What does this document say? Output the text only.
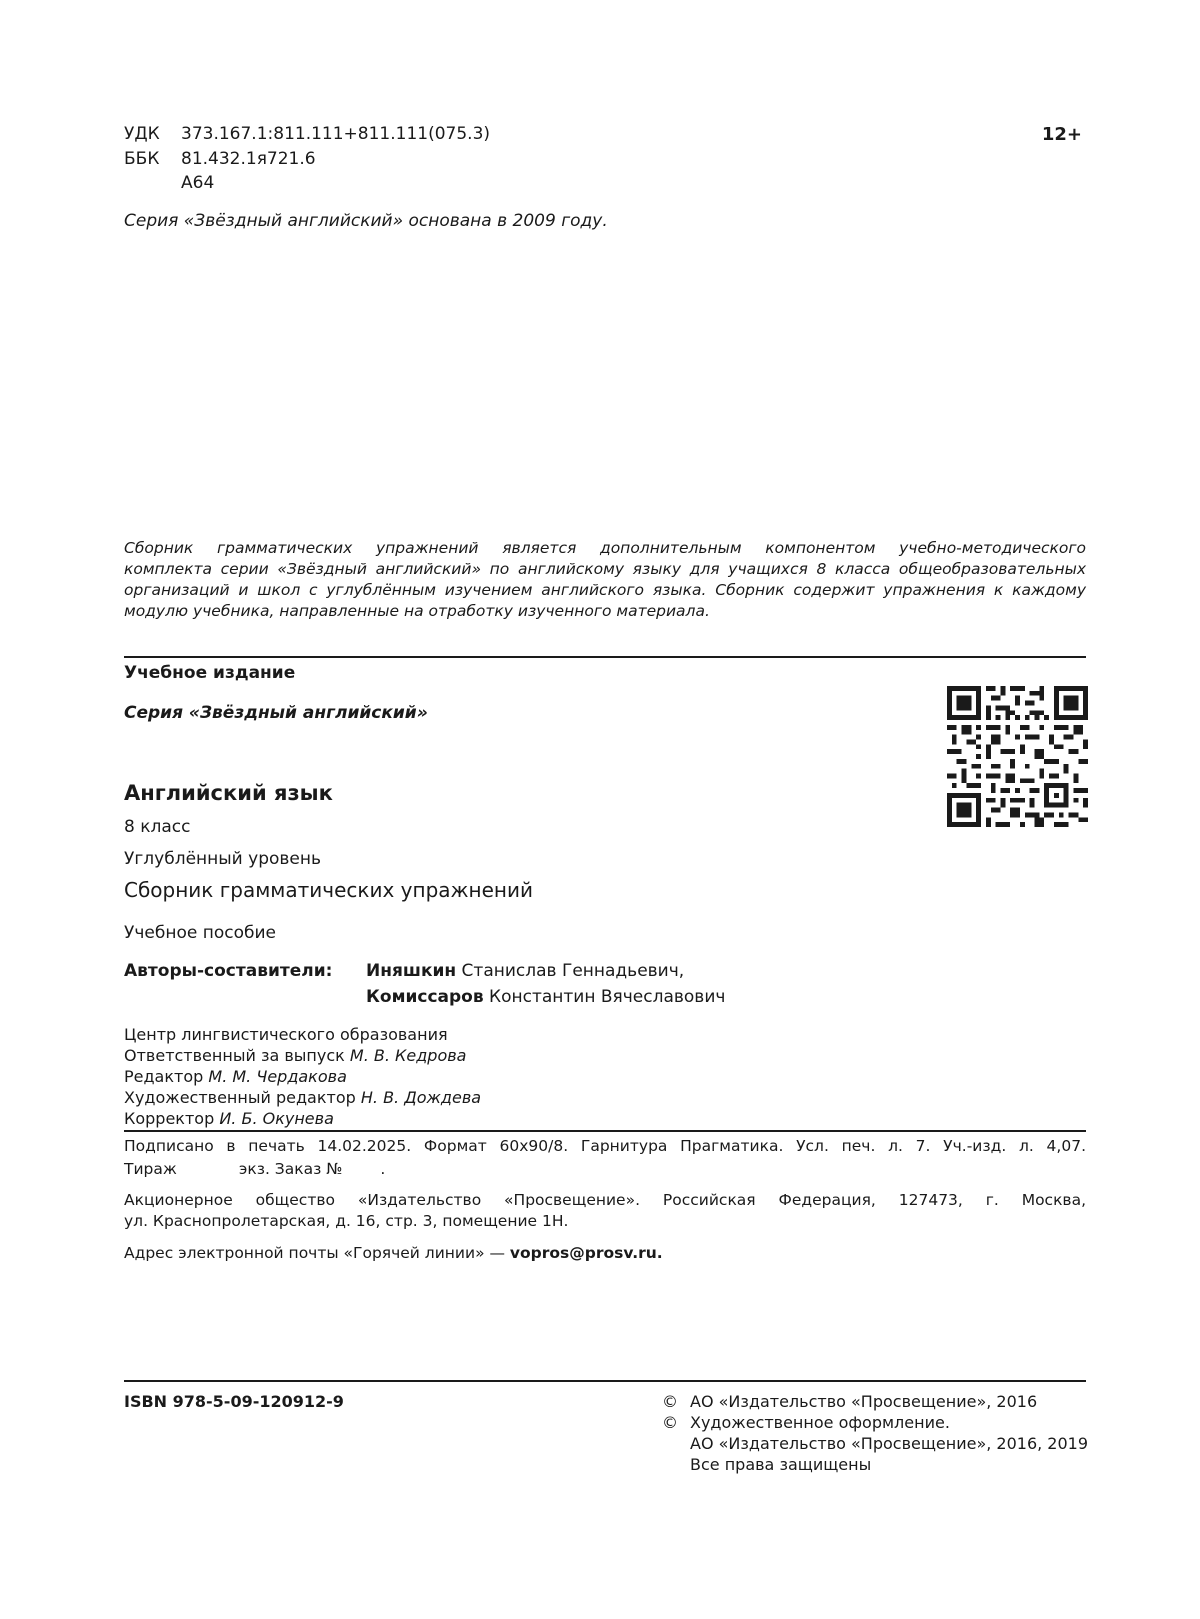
УДК 373.167.1:811.111+811.111(075.3)
ББК 81.432.1я721.6
А64
12+
Серия «Звёздный английский» основана в 2009 году.
Сборник грамматических упражнений является дополнительным компонентом учебно-методического
комплекта серии «Звёздный английский» по английскому языку для учащихся 8 класса общеобразовательных
организаций и школ с углублённым изучением английского языка. Сборник содержит упражнения к каждому
модулю учебника, направленные на отработку изученного материала.
Учебное издание
Серия «Звёздный английский»
Английский язык
8 класс
Углублённый уровень
Сборник грамматических упражнений
Учебное пособие
Авторы-составители: Иняшкин Станислав Геннадьевич,
Комиссаров Константин Вячеславович
Центр лингвистического образования
Ответственный за выпуск М. В. Кедрова
Редактор М. М. Чердакова
Художественный редактор Н. В. Дождева
Корректор И. Б. Окунева
Подписано в печать 14.02.2025. Формат 60x90/8. Гарнитура Прагматика. Усл. печ. л. 7. Уч.-изд. л. 4,07.
Тираж	экз. Заказ № .
Акционерное общество «Издательство «Просвещение». Российская Федерация, 127473, г. Москва,
ул. Краснопролетарская, д. 16, стр. 3, помещение 1Н.
Адрес электронной почты «Горячей линии» — vopros@prosv.ru.
ISBN 978-5-09-120912-9	© АО «Издательство «Просвещение», 2016
© Художественное оформление.
АО «Издательство «Просвещение», 2016, 2019
Все права защищены
